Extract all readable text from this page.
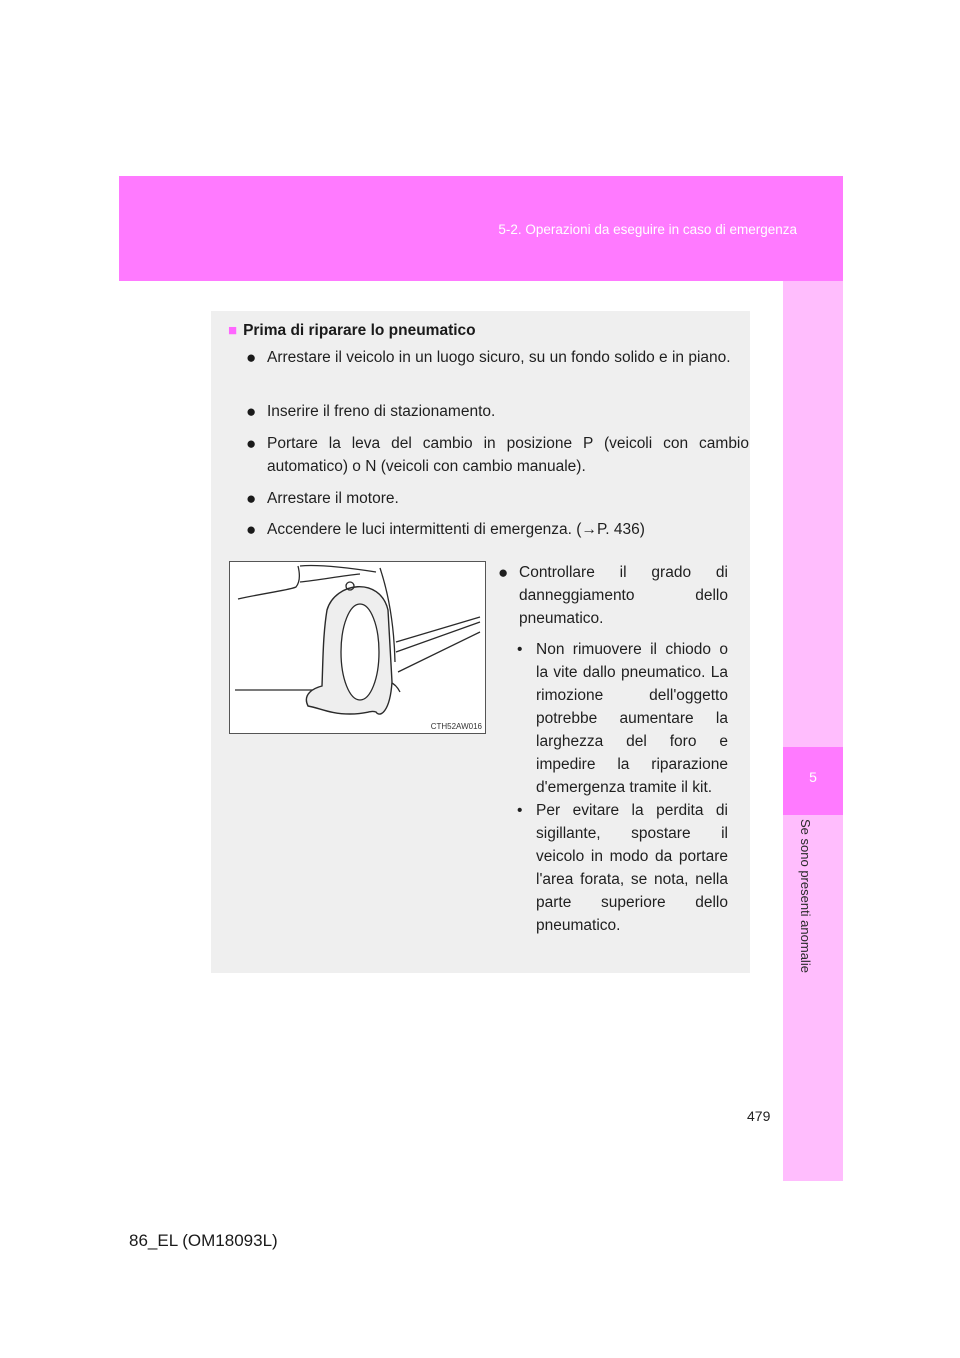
5-2. Operazioni da eseguire in caso di emergenza
5
Se sono presenti anomalie
■ Prima di riparare lo pneumatico
● Arrestare il veicolo in un luogo sicuro, su un fondo solido e in piano.
● Inserire il freno di stazionamento.
● Portare la leva del cambio in posizione P (veicoli con cambio automatico) o N (veicoli con cambio manuale).
● Arrestare il motore.
● Accendere le luci intermittenti di emergenza. (→P. 436)
CTH52AW016
● Controllare il grado di danneggiamento dello pneumatico.
• Non rimuovere il chiodo o la vite dallo pneumatico. La rimozione dell'oggetto potrebbe aumentare la larghezza del foro e impedire la riparazione d'emergenza tramite il kit.
• Per evitare la perdita di sigillante, spostare il veicolo in modo da portare l'area forata, se nota, nella parte superiore dello pneumatico.
479
86_EL (OM18093L)
